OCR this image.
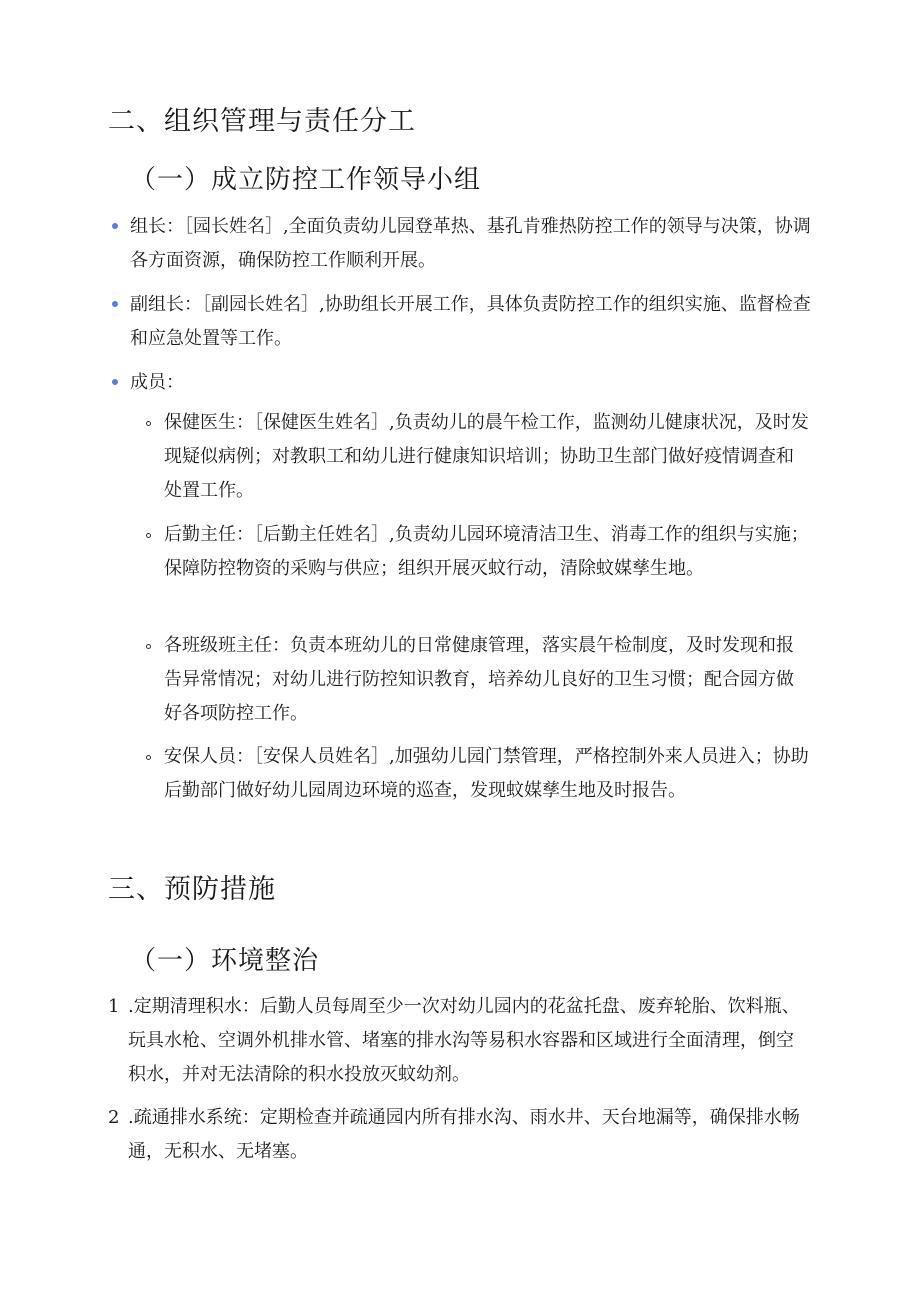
二、组织管理与责任分工
（一）成立防控工作领导小组
组长：［园长姓名］,全面负责幼儿园登革热、基孔肯雅热防控工作的领导与决策，协调各方面资源，确保防控工作顺利开展。
副组长：［副园长姓名］,协助组长开展工作，具体负责防控工作的组织实施、监督检查和应急处置等工作。
成员：
保健医生：［保健医生姓名］,负责幼儿的晨午检工作，监测幼儿健康状况，及时发现疑似病例；对教职工和幼儿进行健康知识培训；协助卫生部门做好疫情调查和处置工作。
后勤主任：［后勤主任姓名］,负责幼儿园环境清洁卫生、消毒工作的组织与实施；保障防控物资的采购与供应；组织开展灭蚊行动，清除蚊媒孳生地。
各班级班主任：负责本班幼儿的日常健康管理，落实晨午检制度，及时发现和报告异常情况；对幼儿进行防控知识教育，培养幼儿良好的卫生习惯；配合园方做好各项防控工作。
安保人员：［安保人员姓名］,加强幼儿园门禁管理，严格控制外来人员进入；协助后勤部门做好幼儿园周边环境的巡查，发现蚊媒孳生地及时报告。
三、预防措施
（一）环境整治
1 .定期清理积水：后勤人员每周至少一次对幼儿园内的花盆托盘、废弃轮胎、饮料瓶、玩具水枪、空调外机排水管、堵塞的排水沟等易积水容器和区域进行全面清理，倒空积水，并对无法清除的积水投放灭蚊幼剂。
2 .疏通排水系统：定期检查并疏通园内所有排水沟、雨水井、天台地漏等，确保排水畅通，无积水、无堵塞。
